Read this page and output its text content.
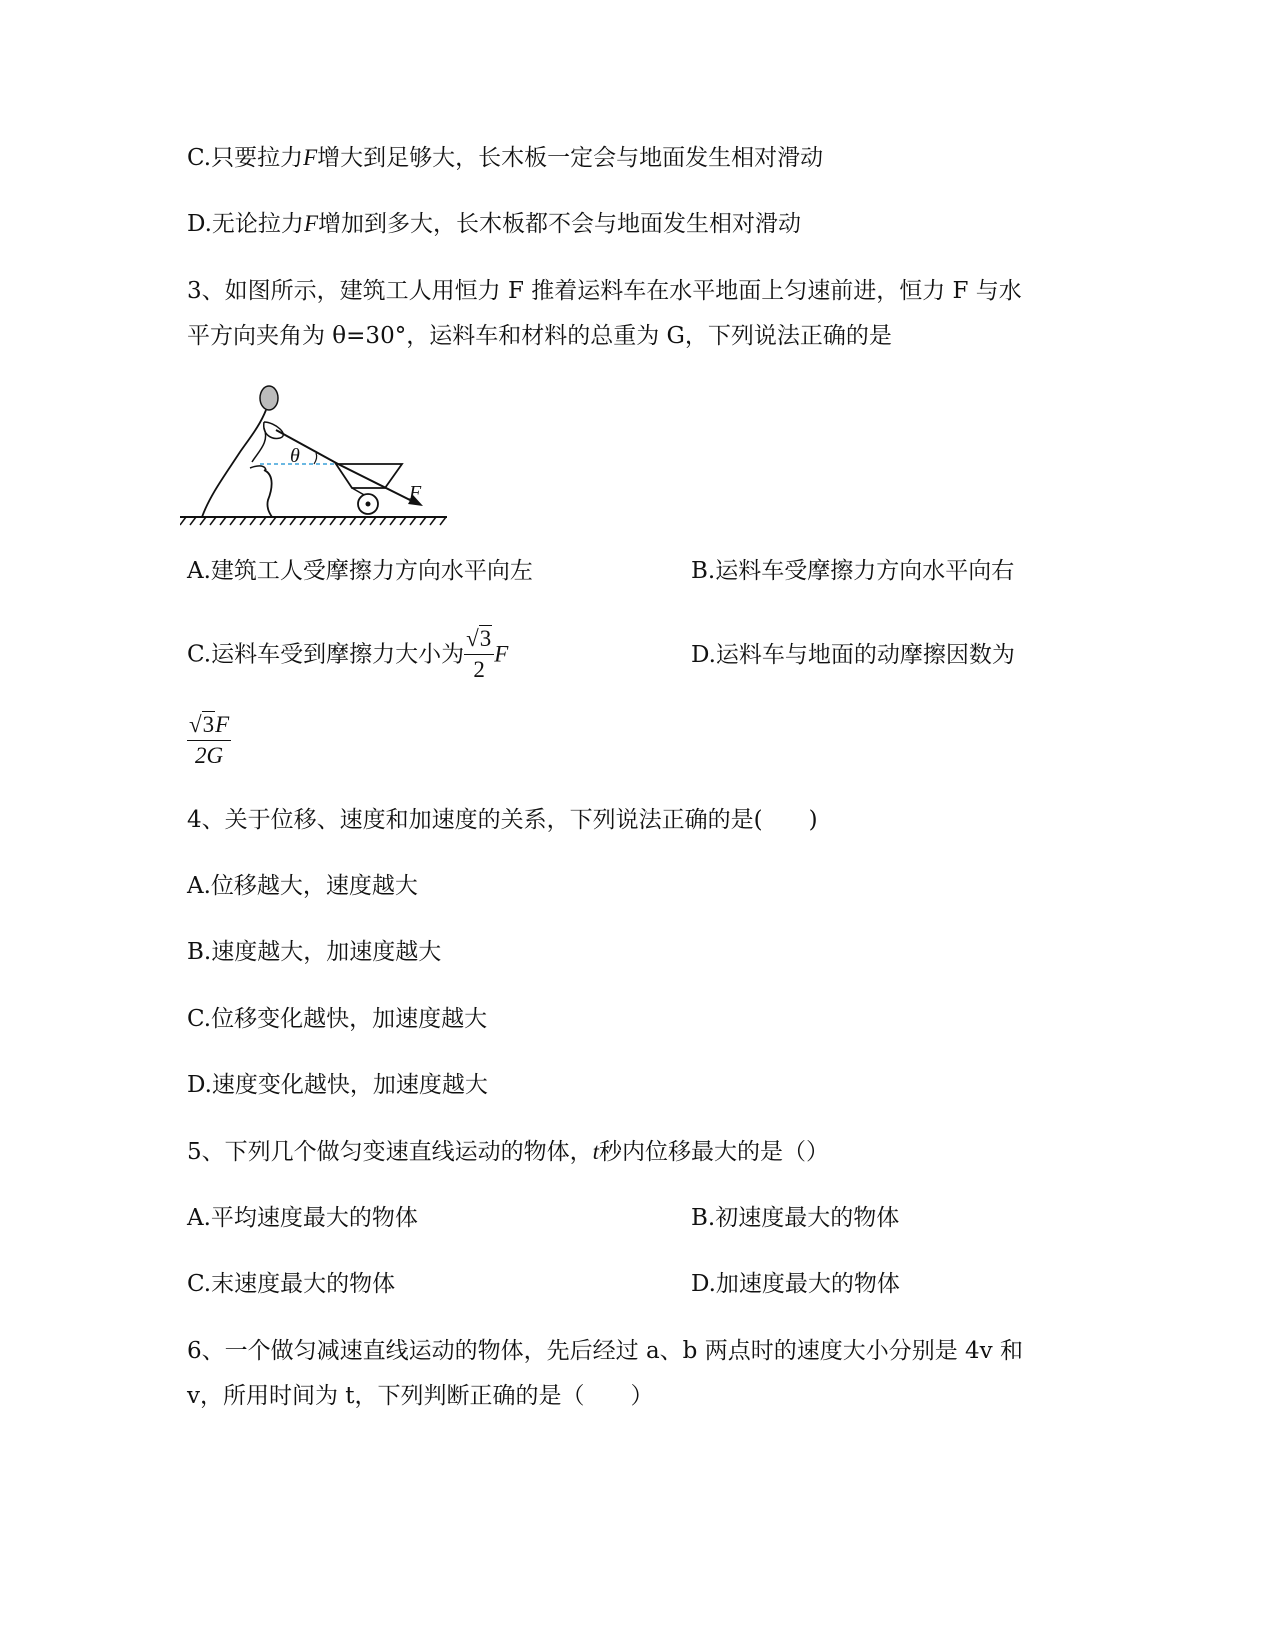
C.只要拉力F增大到足够大，长木板一定会与地面发生相对滑动
D.无论拉力F增加到多大，长木板都不会与地面发生相对滑动
3、如图所示，建筑工人用恒力 F 推着运料车在水平地面上匀速前进，恒力 F 与水
平方向夹角为 θ=30°，运料车和材料的总重为 G，下列说法正确的是
θ
F
A.建筑工人受摩擦力方向水平向左	B.运料车受摩擦力方向水平向右
C.运料车受到摩擦力大小为 $\frac{√3}{2}$ F	D.运料车与地面的动摩擦因数为
$\frac{√3F}{2G}$
4、关于位移、速度和加速度的关系，下列说法正确的是(　　)
A.位移越大，速度越大
B.速度越大，加速度越大
C.位移变化越快，加速度越大
D.速度变化越快，加速度越大
5、下列几个做匀变速直线运动的物体，t秒内位移最大的是（）
A.平均速度最大的物体	B.初速度最大的物体
C.末速度最大的物体	D.加速度最大的物体
6、一个做匀减速直线运动的物体，先后经过 a、b 两点时的速度大小分别是 4v 和
v，所用时间为 t，下列判断正确的是（　　）
